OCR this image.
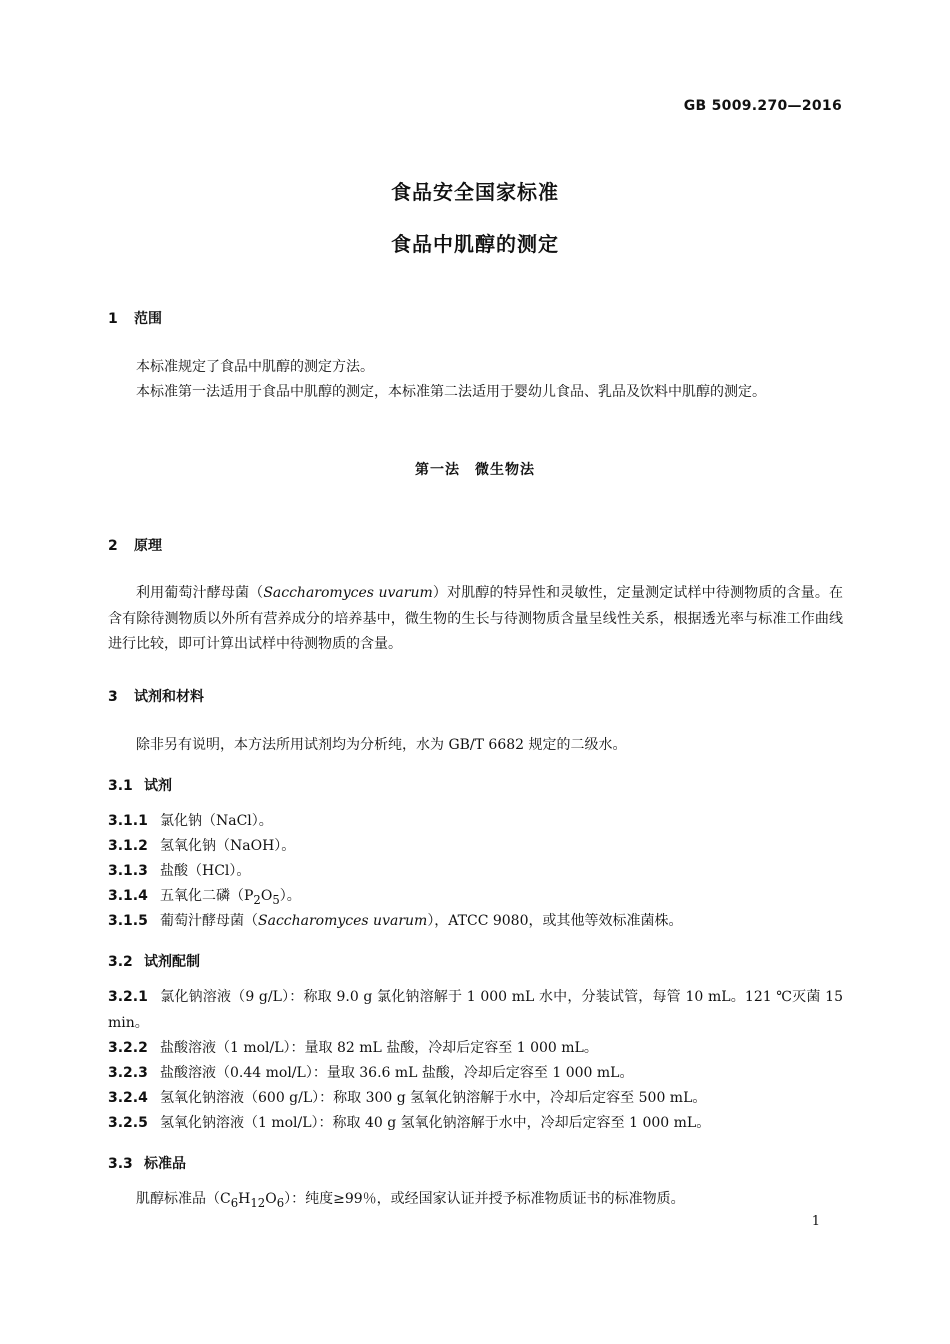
GB 5009.270—2016
食品安全国家标准
食品中肌醇的测定
1 范围
本标准规定了食品中肌醇的测定方法。
本标准第一法适用于食品中肌醇的测定，本标准第二法适用于婴幼儿食品、乳品及饮料中肌醇的测定。
第一法　微生物法
2 原理
利用葡萄汁酵母菌（Saccharomyces uvarum）对肌醇的特异性和灵敏性，定量测定试样中待测物质的含量。在含有除待测物质以外所有营养成分的培养基中，微生物的生长与待测物质含量呈线性关系，根据透光率与标准工作曲线进行比较，即可计算出试样中待测物质的含量。
3 试剂和材料
除非另有说明，本方法所用试剂均为分析纯，水为 GB/T 6682 规定的二级水。
3.1 试剂
3.1.1 氯化钠（NaCl）。
3.1.2 氢氧化钠（NaOH）。
3.1.3 盐酸（HCl）。
3.1.4 五氧化二磷$(P_2O_5)$。
3.1.5 葡萄汁酵母菌（Saccharomyces uvarum），ATCC 9080，或其他等效标准菌株。
3.2 试剂配制
3.2.1 氯化钠溶液（9 g/L）：称取 9.0 g 氯化钠溶解于 1 000 mL 水中，分装试管，每管 10 mL。121 ℃灭菌 15 min。
3.2.2 盐酸溶液（1 mol/L）：量取 82 mL 盐酸，冷却后定容至 1 000 mL。
3.2.3 盐酸溶液（0.44 mol/L）：量取 36.6 mL 盐酸，冷却后定容至 1 000 mL。
3.2.4 氢氧化钠溶液（600 g/L）：称取 300 g 氢氧化钠溶解于水中，冷却后定容至 500 mL。
3.2.5 氢氧化钠溶液（1 mol/L）：称取 40 g 氢氧化钠溶解于水中，冷却后定容至 1 000 mL。
3.3 标准品
肌醇标准品$(C_6H_{12}O_6)$：纯度≥99％，或经国家认证并授予标准物质证书的标准物质。
1
